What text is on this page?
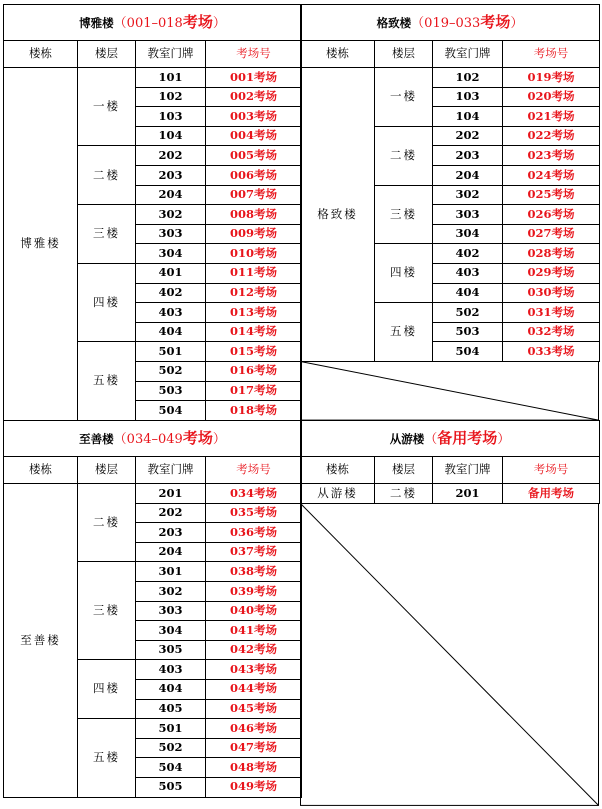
博雅楼（001–018考场）			
楼栋	楼层	教室门牌	考场号
博雅楼	一楼	101	001考场
		102	002考场
		103	003考场
		104	004考场
	二楼	202	005考场
		203	006考场
		204	007考场
	三楼	302	008考场
		303	009考场
		304	010考场
	四楼	401	011考场
		402	012考场
		403	013考场
		404	014考场
	五楼	501	015考场
		502	016考场
		503	017考场
		504	018考场
格致楼（019–033考场）			
楼栋	楼层	教室门牌	考场号
格致楼	一楼	102	019考场
		103	020考场
		104	021考场
	二楼	202	022考场
		203	023考场
		204	024考场
	三楼	302	025考场
		303	026考场
		304	027考场
	四楼	402	028考场
		403	029考场
		404	030考场
	五楼	502	031考场
		503	032考场
		504	033考场
至善楼（034–049考场）			
楼栋	楼层	教室门牌	考场号
至善楼	二楼	201	034考场
		202	035考场
		203	036考场
		204	037考场
	三楼	301	038考场
		302	039考场
		303	040考场
		304	041考场
		305	042考场
	四楼	403	043考场
		404	044考场
		405	045考场
	五楼	501	046考场
		502	047考场
		504	048考场
		505	049考场
从游楼（备用考场）			
楼栋	楼层	教室门牌	考场号
从游楼	二楼	201	备用考场
